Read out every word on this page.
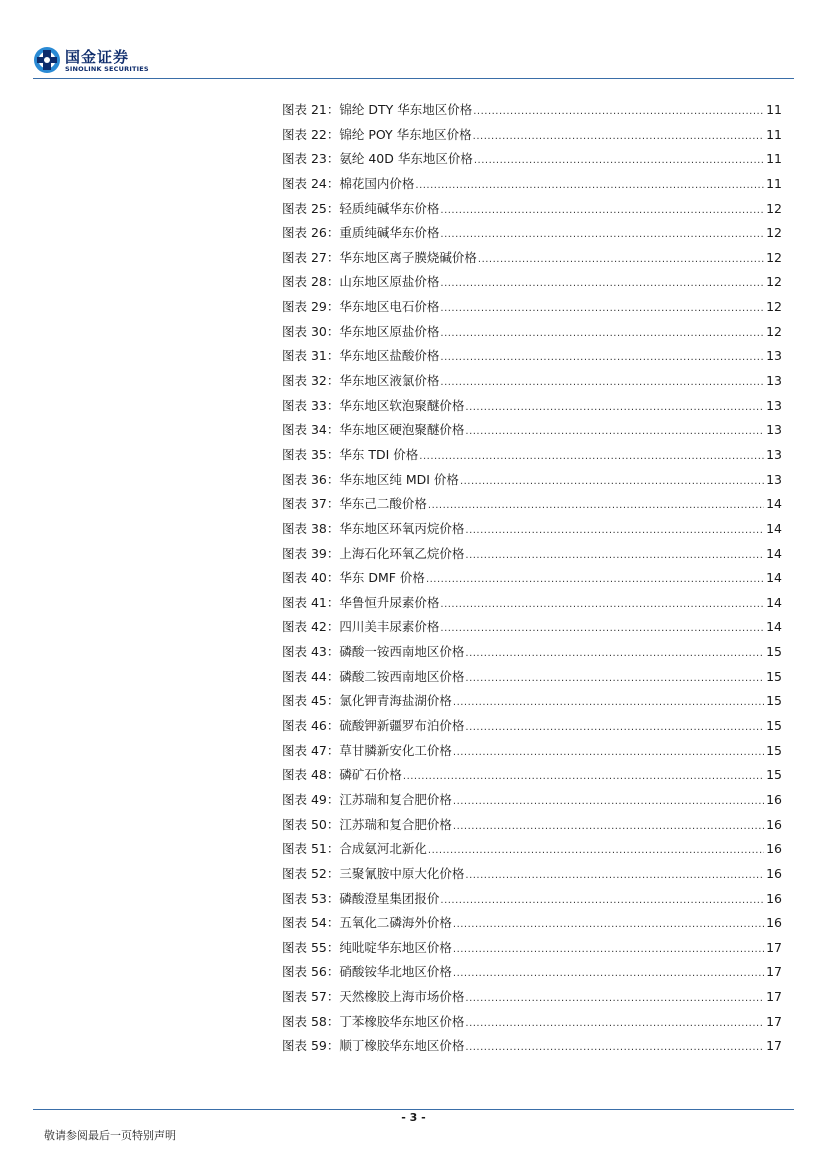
国金证券
SINOLINK SECURITIES
图表 21：锦纶 DTY 华东地区价格 .....	11
图表 22：锦纶 POY 华东地区价格 .....	11
图表 23：氨纶 40D 华东地区价格 .....	11
图表 24：棉花国内价格 .....	11
图表 25：轻质纯碱华东价格 .....	12
图表 26：重质纯碱华东价格 .....	12
图表 27：华东地区离子膜烧碱价格 .....	12
图表 28：山东地区原盐价格 .....	12
图表 29：华东地区电石价格 .....	12
图表 30：华东地区原盐价格 .....	12
图表 31：华东地区盐酸价格 .....	13
图表 32：华东地区液氯价格 .....	13
图表 33：华东地区软泡聚醚价格 .....	13
图表 34：华东地区硬泡聚醚价格 .....	13
图表 35：华东 TDI 价格 .....	13
图表 36：华东地区纯 MDI 价格 .....	13
图表 37：华东己二酸价格 .....	14
图表 38：华东地区环氧丙烷价格 .....	14
图表 39：上海石化环氧乙烷价格 .....	14
图表 40：华东 DMF 价格 .....	14
图表 41：华鲁恒升尿素价格 .....	14
图表 42：四川美丰尿素价格 .....	14
图表 43：磷酸一铵西南地区价格 .....	15
图表 44：磷酸二铵西南地区价格 .....	15
图表 45：氯化钾青海盐湖价格 .....	15
图表 46：硫酸钾新疆罗布泊价格 .....	15
图表 47：草甘膦新安化工价格 .....	15
图表 48：磷矿石价格 .....	15
图表 49：江苏瑞和复合肥价格 .....	16
图表 50：江苏瑞和复合肥价格 .....	16
图表 51：合成氨河北新化 .....	16
图表 52：三聚氰胺中原大化价格 .....	16
图表 53：磷酸澄星集团报价 .....	16
图表 54：五氧化二磷海外价格 .....	16
图表 55：纯吡啶华东地区价格 .....	17
图表 56：硝酸铵华北地区价格 .....	17
图表 57：天然橡胶上海市场价格 .....	17
图表 58：丁苯橡胶华东地区价格 .....	17
图表 59：顺丁橡胶华东地区价格 .....	17
- 3 -
敬请参阅最后一页特别声明
